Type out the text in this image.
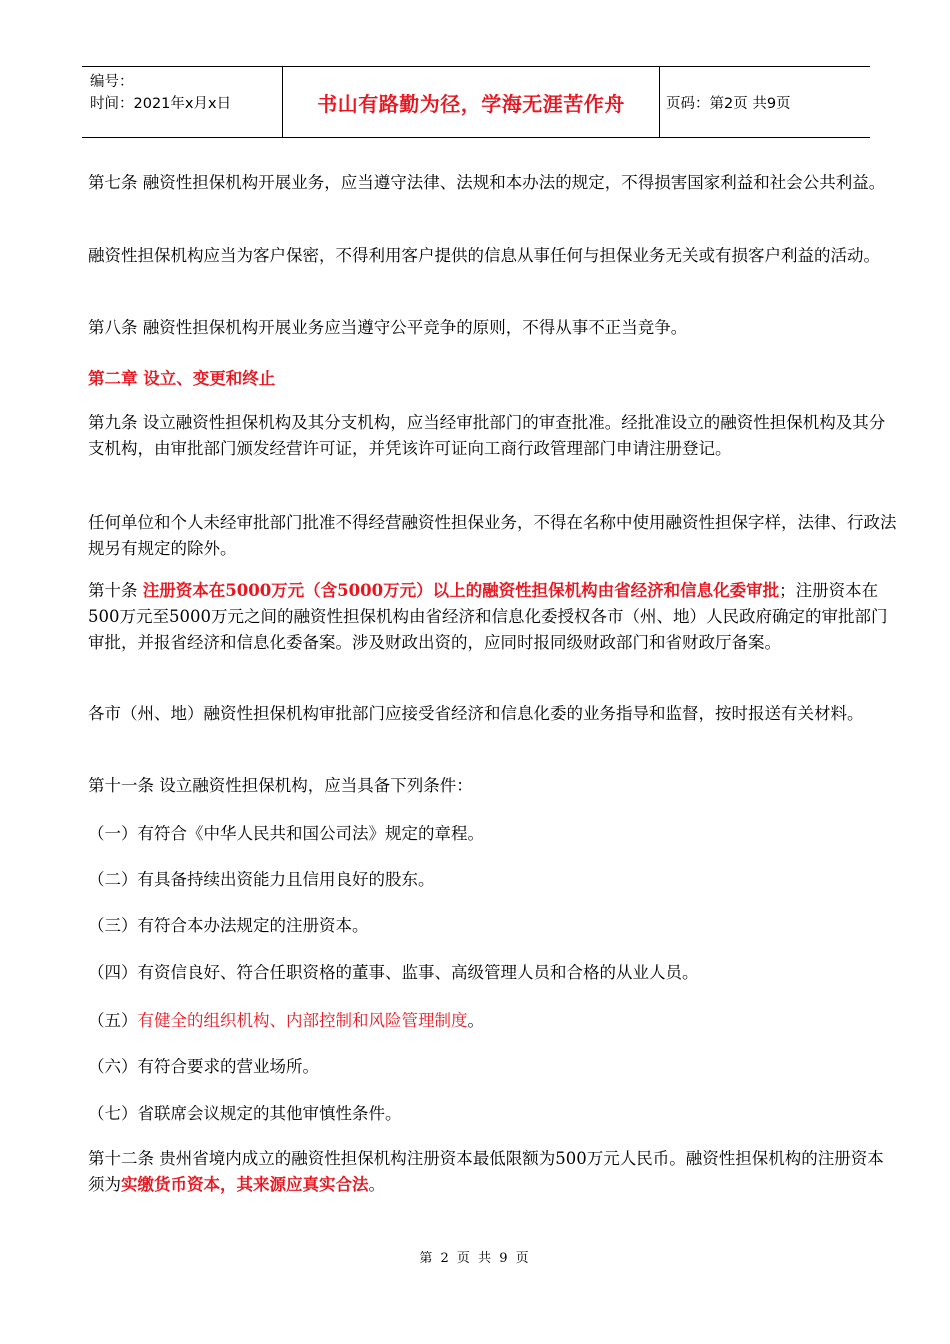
编号：
时间：2021年x月x日	书山有路勤为径，学海无涯苦作舟	页码：第2页 共9页

第七条 融资性担保机构开展业务，应当遵守法律、法规和本办法的规定，不得损害国家利益和社会公共利益。

融资性担保机构应当为客户保密，不得利用客户提供的信息从事任何与担保业务无关或有损客户利益的活动。

第八条 融资性担保机构开展业务应当遵守公平竞争的原则，不得从事不正当竞争。

第二章 设立、变更和终止

第九条 设立融资性担保机构及其分支机构，应当经审批部门的审查批准。经批准设立的融资性担保机构及其分支机构，由审批部门颁发经营许可证，并凭该许可证向工商行政管理部门申请注册登记。

任何单位和个人未经审批部门批准不得经营融资性担保业务，不得在名称中使用融资性担保字样，法律、行政法规另有规定的除外。

第十条 注册资本在5000万元（含5000万元）以上的融资性担保机构由省经济和信息化委审批；注册资本在500万元至5000万元之间的融资性担保机构由省经济和信息化委授权各市（州、地）人民政府确定的审批部门审批，并报省经济和信息化委备案。涉及财政出资的，应同时报同级财政部门和省财政厅备案。

各市（州、地）融资性担保机构审批部门应接受省经济和信息化委的业务指导和监督，按时报送有关材料。

第十一条 设立融资性担保机构，应当具备下列条件：

（一）有符合《中华人民共和国公司法》规定的章程。

（二）有具备持续出资能力且信用良好的股东。

（三）有符合本办法规定的注册资本。

（四）有资信良好、符合任职资格的董事、监事、高级管理人员和合格的从业人员。

（五）有健全的组织机构、内部控制和风险管理制度。

（六）有符合要求的营业场所。

（七）省联席会议规定的其他审慎性条件。

第十二条 贵州省境内成立的融资性担保机构注册资本最低限额为500万元人民币。融资性担保机构的注册资本须为实缴货币资本，其来源应真实合法。

第 2 页 共 9 页
